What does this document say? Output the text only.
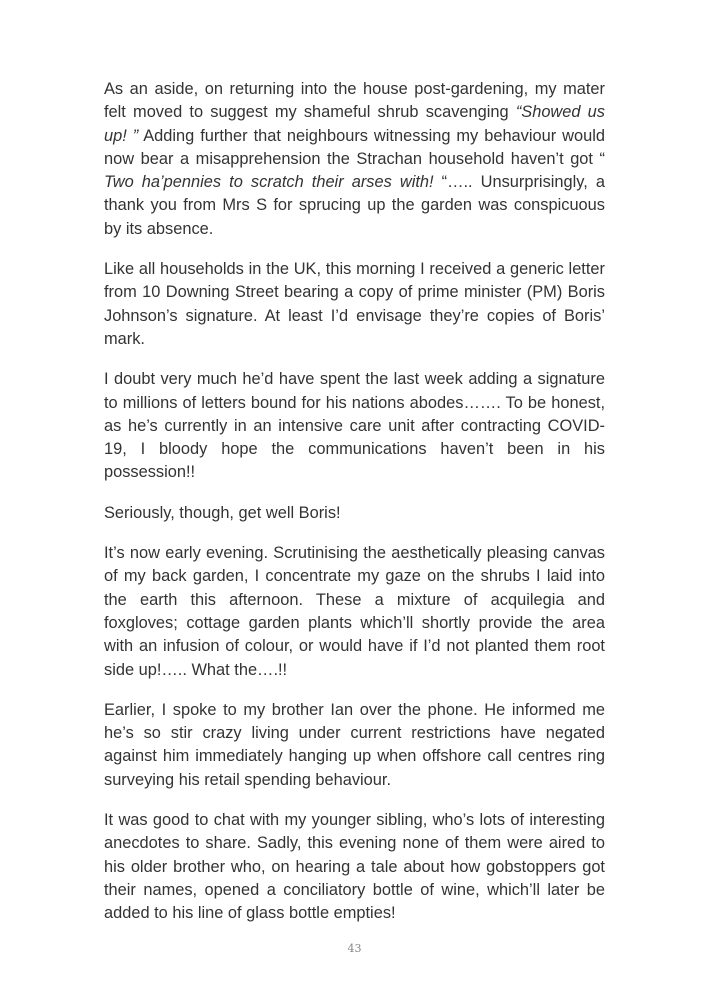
As an aside, on returning into the house post-gardening, my mater felt moved to suggest my shameful shrub scavenging “Showed us up! ” Adding further that neighbours witnessing my behaviour would now bear a misapprehension the Strachan household haven’t got “ Two ha’pennies to scratch their arses with! “….. Unsurprisingly, a thank you from Mrs S for sprucing up the garden was conspicuous by its absence.

Like all households in the UK, this morning I received a generic letter from 10 Downing Street bearing a copy of prime minister (PM) Boris Johnson’s signature. At least I’d envisage they’re copies of Boris’ mark.

I doubt very much he’d have spent the last week adding a signature to millions of letters bound for his nations abodes……. To be honest, as he’s currently in an intensive care unit after contracting COVID-19, I bloody hope the communications haven’t been in his possession!!

Seriously, though, get well Boris!

It’s now early evening. Scrutinising the aesthetically pleasing canvas of my back garden, I concentrate my gaze on the shrubs I laid into the earth this afternoon. These a mixture of acquilegia and foxgloves; cottage garden plants which’ll shortly provide the area with an infusion of colour, or would have if I’d not planted them root side up!….. What the….!!

Earlier, I spoke to my brother Ian over the phone. He informed me he’s so stir crazy living under current restrictions have negated against him immediately hanging up when offshore call centres ring surveying his retail spending behaviour.

It was good to chat with my younger sibling, who’s lots of interesting anecdotes to share. Sadly, this evening none of them were aired to his older brother who, on hearing a tale about how gobstoppers got their names, opened a conciliatory bottle of wine, which’ll later be added to his line of glass bottle empties!

43
